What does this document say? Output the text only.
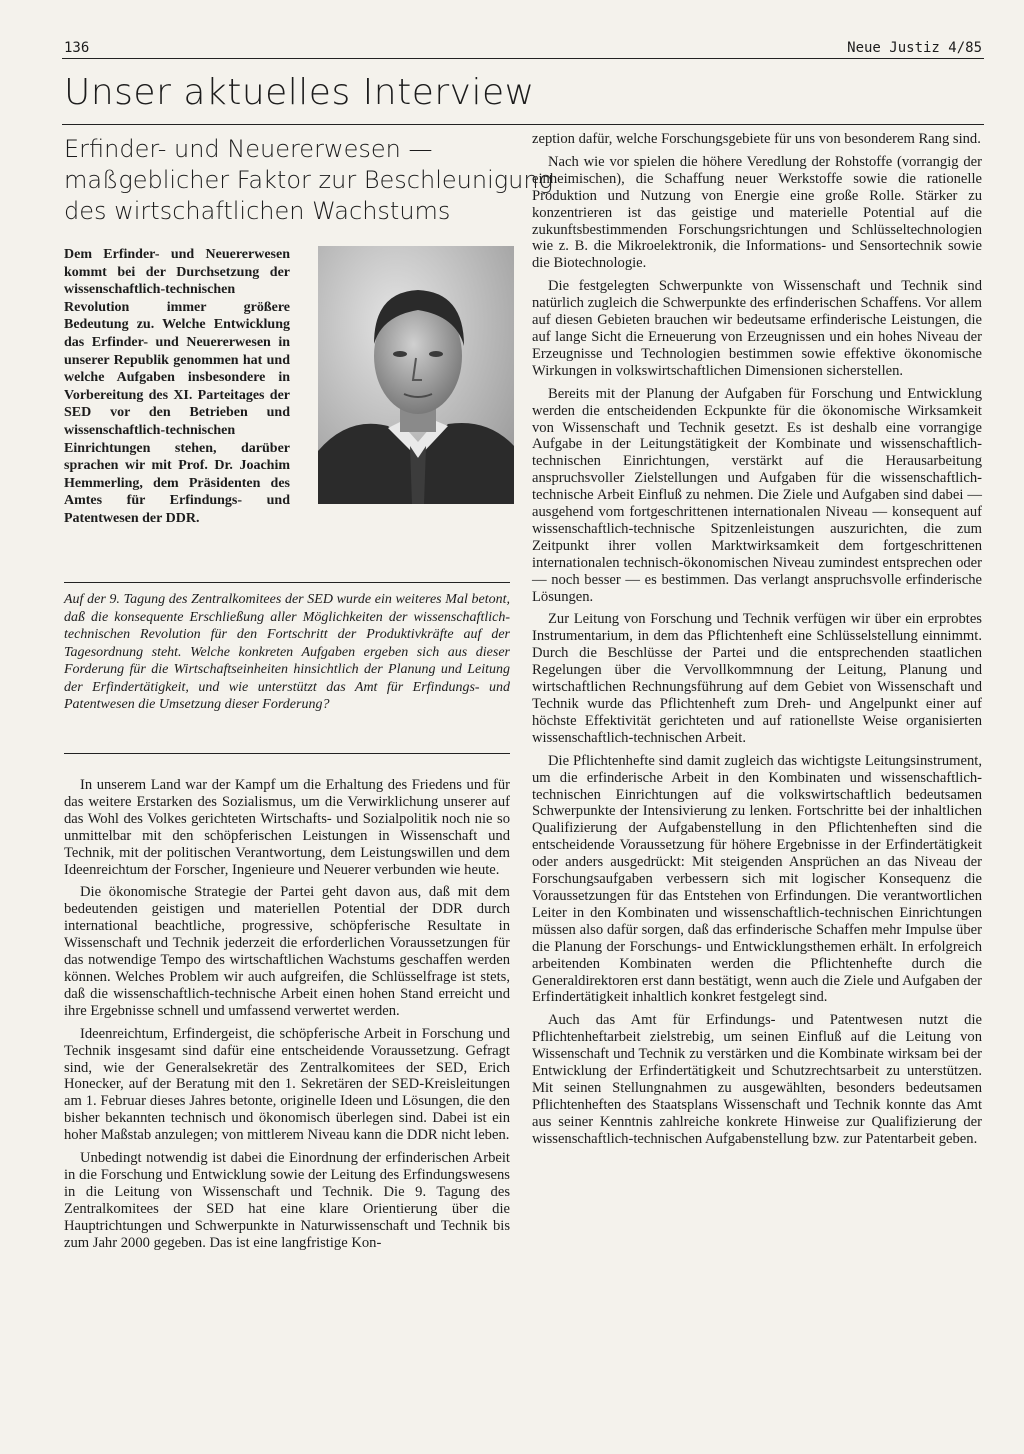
136	Neue Justiz 4/85
Unser aktuelles Interview
Erfinder- und Neuererwesen —
maßgeblicher Faktor zur Beschleunigung
des wirtschaftlichen Wachstums
Dem Erfinder- und Neuererwesen kommt bei der Durchsetzung der wissenschaftlich-technischen Revolution immer größere Bedeutung zu. Welche Entwicklung das Erfinder- und Neuererwesen in unserer Republik genommen hat und welche Aufgaben insbesondere in Vorbereitung des XI. Parteitages der SED vor den Betrieben und wissenschaftlich-technischen Einrichtungen stehen, darüber sprachen wir mit Prof. Dr. Joachim Hemmerling, dem Präsidenten des Amtes für Erfindungs- und Patentwesen der DDR.
Auf der 9. Tagung des Zentralkomitees der SED wurde ein weiteres Mal betont, daß die konsequente Erschließung aller Möglichkeiten der wissenschaftlich-technischen Revolution für den Fortschritt der Produktivkräfte auf der Tagesordnung steht. Welche konkreten Aufgaben ergeben sich aus dieser Forderung für die Wirtschaftseinheiten hinsichtlich der Planung und Leitung der Erfindertätigkeit, und wie unterstützt das Amt für Erfindungs- und Patentwesen die Umsetzung dieser Forderung?

In unserem Land war der Kampf um die Erhaltung des Friedens und für das weitere Erstarken des Sozialismus, um die Verwirklichung unserer auf das Wohl des Volkes gerichteten Wirtschafts- und Sozialpolitik noch nie so unmittelbar mit den schöpferischen Leistungen in Wissenschaft und Technik, mit der politischen Verantwortung, dem Leistungswillen und dem Ideenreichtum der Forscher, Ingenieure und Neuerer verbunden wie heute.

Die ökonomische Strategie der Partei geht davon aus, daß mit dem bedeutenden geistigen und materiellen Potential der DDR durch international beachtliche, progressive, schöpferische Resultate in Wissenschaft und Technik jederzeit die erforderlichen Voraussetzungen für das notwendige Tempo des wirtschaftlichen Wachstums geschaffen werden können. Welches Problem wir auch aufgreifen, die Schlüsselfrage ist stets, daß die wissenschaftlich-technische Arbeit einen hohen Stand erreicht und ihre Ergebnisse schnell und umfassend verwertet werden.

Ideenreichtum, Erfindergeist, die schöpferische Arbeit in Forschung und Technik insgesamt sind dafür eine entscheidende Voraussetzung. Gefragt sind, wie der Generalsekretär des Zentralkomitees der SED, Erich Honecker, auf der Beratung mit den 1. Sekretären der SED-Kreisleitungen am 1. Februar dieses Jahres betonte, originelle Ideen und Lösungen, die den bisher bekannten technisch und ökonomisch überlegen sind. Dabei ist ein hoher Maßstab anzulegen; von mittlerem Niveau kann die DDR nicht leben.

Unbedingt notwendig ist dabei die Einordnung der erfinderischen Arbeit in die Forschung und Entwicklung sowie der Leitung des Erfindungswesens in die Leitung von Wissenschaft und Technik. Die 9. Tagung des Zentralkomitees der SED hat eine klare Orientierung über die Hauptrichtungen und Schwerpunkte in Naturwissenschaft und Technik bis zum Jahr 2000 gegeben. Das ist eine langfristige Kon-

zeption dafür, welche Forschungsgebiete für uns von besonderem Rang sind.

Nach wie vor spielen die höhere Veredlung der Rohstoffe (vorrangig der einheimischen), die Schaffung neuer Werkstoffe sowie die rationelle Produktion und Nutzung von Energie eine große Rolle. Stärker zu konzentrieren ist das geistige und materielle Potential auf die zukunftsbestimmenden Forschungsrichtungen und Schlüsseltechnologien wie z. B. die Mikroelektronik, die Informations- und Sensortechnik sowie die Biotechnologie.

Die festgelegten Schwerpunkte von Wissenschaft und Technik sind natürlich zugleich die Schwerpunkte des erfinderischen Schaffens. Vor allem auf diesen Gebieten brauchen wir bedeutsame erfinderische Leistungen, die auf lange Sicht die Erneuerung von Erzeugnissen und ein hohes Niveau der Erzeugnisse und Technologien bestimmen sowie effektive ökonomische Wirkungen in volkswirtschaftlichen Dimensionen sicherstellen.

Bereits mit der Planung der Aufgaben für Forschung und Entwicklung werden die entscheidenden Eckpunkte für die ökonomische Wirksamkeit von Wissenschaft und Technik gesetzt. Es ist deshalb eine vorrangige Aufgabe in der Leitungstätigkeit der Kombinate und wissenschaftlich-technischen Einrichtungen, verstärkt auf die Herausarbeitung anspruchsvoller Zielstellungen und Aufgaben für die wissenschaftlich-technische Arbeit Einfluß zu nehmen. Die Ziele und Aufgaben sind dabei — ausgehend vom fortgeschrittenen internationalen Niveau — konsequent auf wissenschaftlich-technische Spitzenleistungen auszurichten, die zum Zeitpunkt ihrer vollen Marktwirksamkeit dem fortgeschrittenen internationalen technisch-ökonomischen Niveau zumindest entsprechen oder — noch besser — es bestimmen. Das verlangt anspruchsvolle erfinderische Lösungen.

Zur Leitung von Forschung und Technik verfügen wir über ein erprobtes Instrumentarium, in dem das Pflichtenheft eine Schlüsselstellung einnimmt. Durch die Beschlüsse der Partei und die entsprechenden staatlichen Regelungen über die Vervollkommnung der Leitung, Planung und wirtschaftlichen Rechnungsführung auf dem Gebiet von Wissenschaft und Technik wurde das Pflichtenheft zum Dreh- und Angelpunkt einer auf höchste Effektivität gerichteten und auf rationellste Weise organisierten wissenschaftlich-technischen Arbeit.

Die Pflichtenhefte sind damit zugleich das wichtigste Leitungsinstrument, um die erfinderische Arbeit in den Kombinaten und wissenschaftlich-technischen Einrichtungen auf die volkswirtschaftlich bedeutsamen Schwerpunkte der Intensivierung zu lenken. Fortschritte bei der inhaltlichen Qualifizierung der Aufgabenstellung in den Pflichtenheften sind die entscheidende Voraussetzung für höhere Ergebnisse in der Erfindertätigkeit oder anders ausgedrückt: Mit steigenden Ansprüchen an das Niveau der Forschungsaufgaben verbessern sich mit logischer Konsequenz die Voraussetzungen für das Entstehen von Erfindungen. Die verantwortlichen Leiter in den Kombinaten und wissenschaftlich-technischen Einrichtungen müssen also dafür sorgen, daß das erfinderische Schaffen mehr Impulse über die Planung der Forschungs- und Entwicklungsthemen erhält. In erfolgreich arbeitenden Kombinaten werden die Pflichtenhefte durch die Generaldirektoren erst dann bestätigt, wenn auch die Ziele und Aufgaben der Erfindertätigkeit inhaltlich konkret festgelegt sind.

Auch das Amt für Erfindungs- und Patentwesen nutzt die Pflichtenheftarbeit zielstrebig, um seinen Einfluß auf die Leitung von Wissenschaft und Technik zu verstärken und die Kombinate wirksam bei der Entwicklung der Erfindertätigkeit und Schutzrechtsarbeit zu unterstützen. Mit seinen Stellungnahmen zu ausgewählten, besonders bedeutsamen Pflichtenheften des Staatsplans Wissenschaft und Technik konnte das Amt aus seiner Kenntnis zahlreiche konkrete Hinweise zur Qualifizierung der wissenschaftlich-technischen Aufgabenstellung bzw. zur Patentarbeit geben.
